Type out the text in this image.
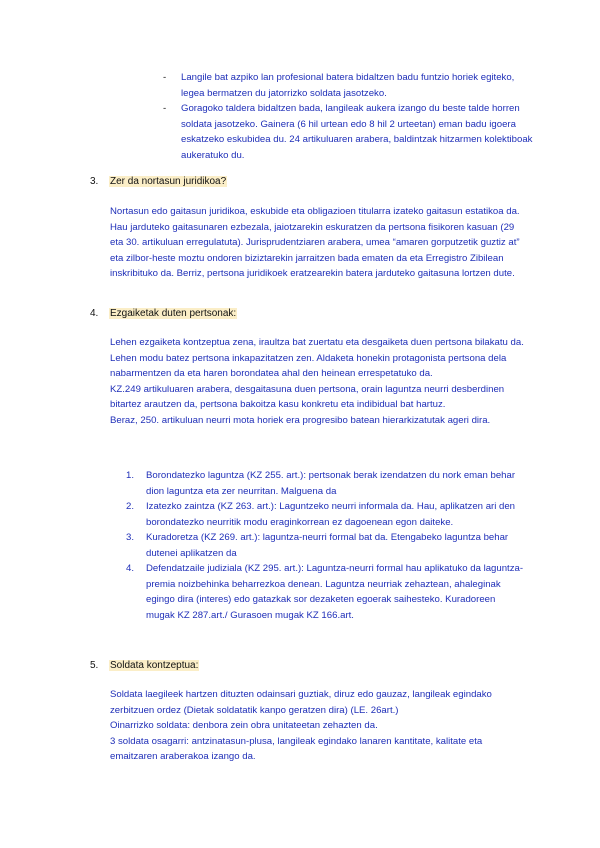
- Langile bat azpiko lan profesional batera bidaltzen badu funtzio horiek egiteko, legea bermatzen du jatorrizko soldata jasotzeko.
- Goragoko taldera bidaltzen bada, langileak aukera izango du beste talde horren soldata jasotzeko. Gainera (6 hil urtean edo 8 hil 2 urteetan) eman badu igoera eskatzeko eskubidea du. 24 artikuluaren arabera, baldintzak hitzarmen kolektiboak aukeratuko du.
3. Zer da nortasun juridikoa?
Nortasun edo gaitasun juridikoa, eskubide eta obligazioen titularra izateko gaitasun estatikoa da. Hau jarduteko gaitasunaren ezbezala, jaiotzarekin eskuratzen da pertsona fisikoren kasuan (29 eta 30. artikuluan erregulatuta). Jurisprudentziaren arabera, umea “amaren gorputzetik guztiz at” eta zilbor-heste moztu ondoren biziztarekin jarraitzen bada ematen da eta Erregistro Zibilean inskribituko da. Berriz, pertsona juridikoek eratzearekin batera jarduteko gaitasuna lortzen dute.
4. Ezgaiketak duten pertsonak:
Lehen ezgaiketa kontzeptua zena, iraultza bat zuertatu eta desgaiketa duen pertsona bilakatu da. Lehen modu batez pertsona inkapazitatzen zen. Aldaketa honekin protagonista pertsona dela nabarmentzen da eta haren borondatea ahal den heinean errespetatuko da.
KZ.249 artikuluaren arabera, desgaitasuna duen pertsona, orain laguntza neurri desberdinen bitartez arautzen da, pertsona bakoitza kasu konkretu eta indibidual bat hartuz.
Beraz, 250. artikuluan neurri mota horiek era progresibo batean hierarkizatutak ageri dira.
1. Borondatezko laguntza (KZ 255. art.): pertsonak berak izendatzen du nork eman behar dion laguntza eta zer neurritan. Malguena da
2. Izatezko zaintza (KZ 263. art.): Laguntzeko neurri informala da. Hau, aplikatzen ari den borondatezko neurritik modu eraginkorrean ez dagoenean egon daiteke.
3. Kuradoretza (KZ 269. art.): laguntza-neurri formal bat da. Etengabeko laguntza behar dutenei aplikatzen da
4. Defendatzaile judiziala (KZ 295. art.): Laguntza-neurri formal hau aplikatuko da laguntza-premia noizbehinka beharrezkoa denean. Laguntza neurriak zehaztean, ahaleginak egingo dira (interes) edo gatazkak sor dezaketen egoerak saihesteko. Kuradoreen mugak KZ 287.art./ Gurasoen mugak KZ 166.art.
5. Soldata kontzeptua:
Soldata laegileek hartzen dituzten odainsari guztiak, diruz edo gauzaz, langileak egindako zerbitzuen ordez (Dietak soldatatik kanpo geratzen dira) (LE. 26art.)
Oinarrizko soldata: denbora zein obra unitateetan zehazten da.
3 soldata osagarri: antzinatasun-plusa, langileak egindako lanaren kantitate, kalitate eta emaitzaren araberakoa izango da.
